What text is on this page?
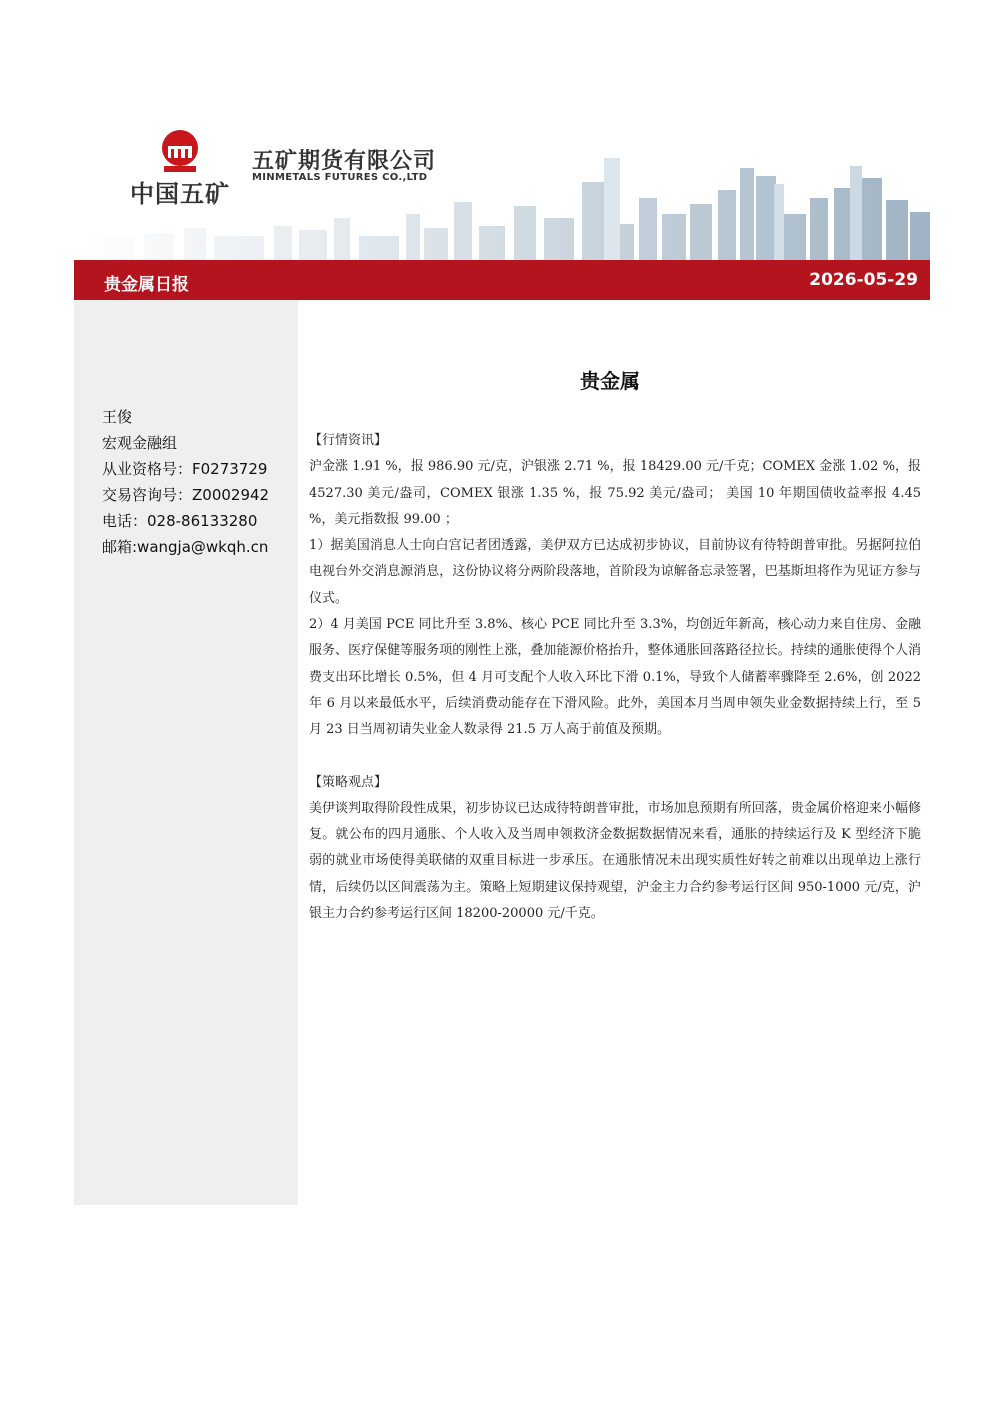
中国五矿
五矿期货有限公司
MINMETALS FUTURES CO.,LTD
贵金属日报	2026-05-29
王俊
宏观金融组
从业资格号：F0273729
交易咨询号：Z0002942
电话：028-86133280
邮箱:wangja@wkqh.cn
贵金属

【行情资讯】

沪金涨 1.91 %，报 986.90 元/克，沪银涨 2.71 %，报 18429.00 元/千克；COMEX 金涨 1.02 %，报 4527.30 美元/盎司，COMEX 银涨 1.35 %，报 75.92 美元/盎司； 美国 10 年期国债收益率报 4.45 %，美元指数报 99.00 ；

1）据美国消息人士向白宫记者团透露，美伊双方已达成初步协议，目前协议有待特朗普审批。另据阿拉伯电视台外交消息源消息，这份协议将分两阶段落地，首阶段为谅解备忘录签署，巴基斯坦将作为见证方参与仪式。

2）4 月美国 PCE 同比升至 3.8%、核心 PCE 同比升至 3.3%，均创近年新高，核心动力来自住房、金融服务、医疗保健等服务项的刚性上涨，叠加能源价格抬升，整体通胀回落路径拉长。持续的通胀使得个人消费支出环比增长 0.5%，但 4 月可支配个人收入环比下滑 0.1%，导致个人储蓄率骤降至 2.6%，创 2022 年 6 月以来最低水平，后续消费动能存在下滑风险。此外，美国本月当周申领失业金数据持续上行，至 5 月 23 日当周初请失业金人数录得 21.5 万人高于前值及预期。

【策略观点】

美伊谈判取得阶段性成果，初步协议已达成待特朗普审批，市场加息预期有所回落，贵金属价格迎来小幅修复。就公布的四月通胀、个人收入及当周申领救济金数据数据情况来看，通胀的持续运行及 K 型经济下脆弱的就业市场使得美联储的双重目标进一步承压。在通胀情况未出现实质性好转之前难以出现单边上涨行情，后续仍以区间震荡为主。策略上短期建议保持观望，沪金主力合约参考运行区间 950-1000 元/克，沪银主力合约参考运行区间 18200-20000 元/千克。
